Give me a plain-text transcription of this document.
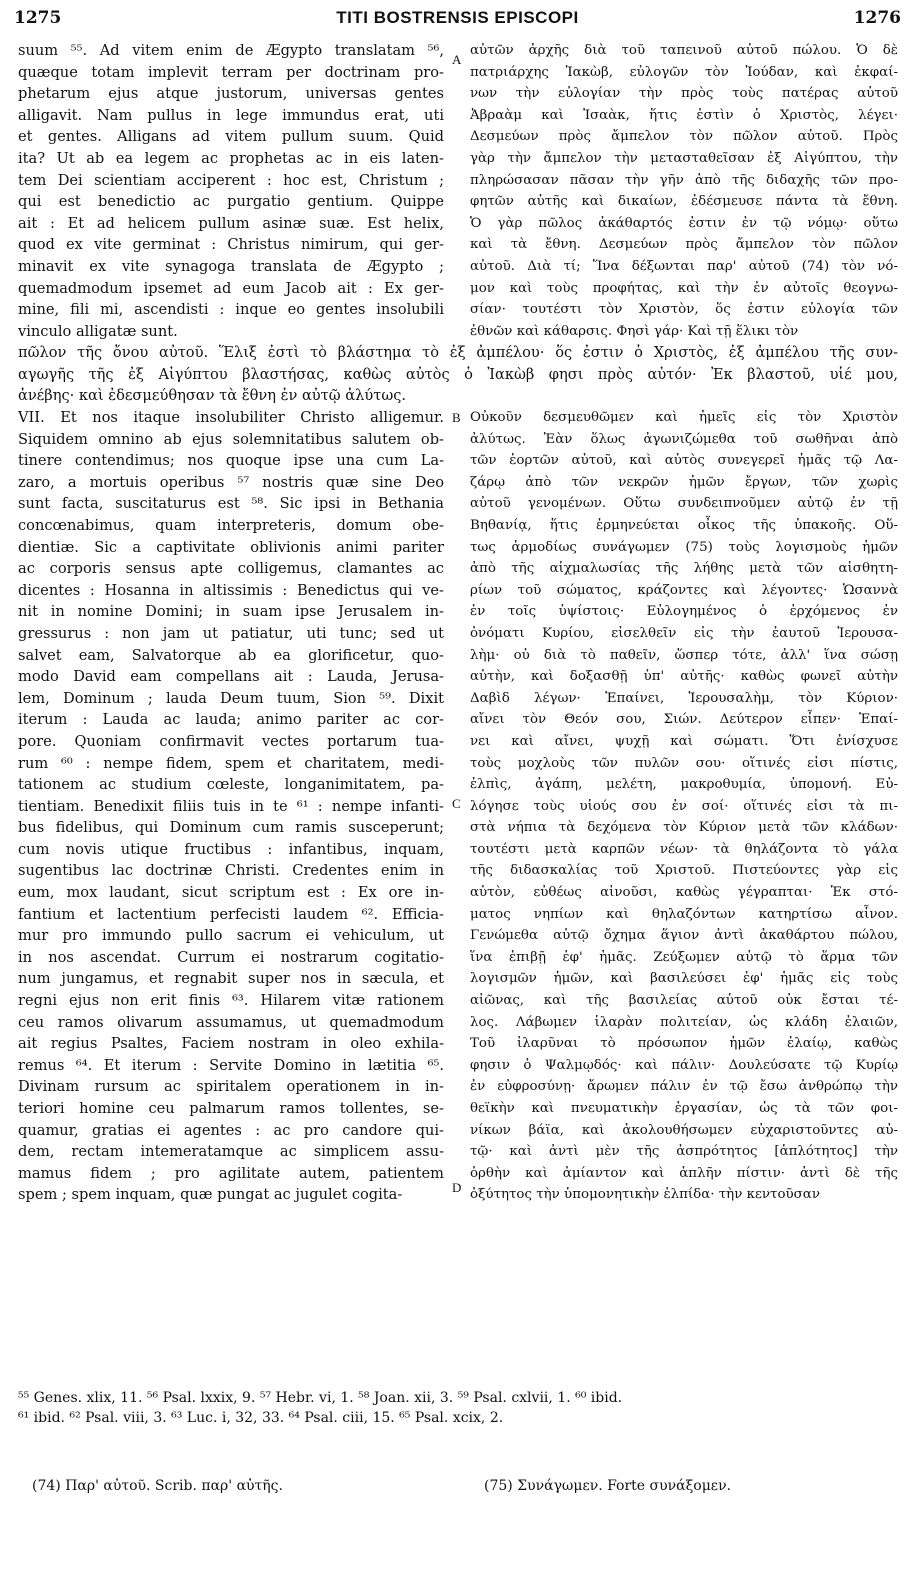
1275	TITI BOSTRENSIS EPISCOPI	1276
suum ⁵⁵. Ad vitem enim de Ægypto translatam ⁵⁶,
quæque totam implevit terram per doctrinam pro-
phetarum ejus atque justorum, universas gentes
alligavit. Nam pullus in lege immundus erat, uti
et gentes. Alligans ad vitem pullum suum. Quid
ita? Ut ab ea legem ac prophetas ac in eis laten-
tem Dei scientiam acciperent : hoc est, Christum ;
qui est benedictio ac purgatio gentium. Quippe
ait : Et ad helicem pullum asinæ suæ. Est helix,
quod ex vite germinat : Christus nimirum, qui ger-
minavit ex vite synagoga translata de Ægypto ;
quemadmodum ipsemet ad eum Jacob ait : Ex ger-
mine, fili mi, ascendisti : inque eo gentes insolubili
vinculo alligatæ sunt.
αὐτῶν ἀρχῆς διὰ τοῦ ταπεινοῦ αὐτοῦ πώλου. Ὁ δὲ
πατριάρχης Ἰακὼβ, εὐλογῶν τὸν Ἰούδαν, καὶ ἐκφαί-
νων τὴν εὐλογίαν τὴν πρὸς τοὺς πατέρας αὐτοῦ
Ἀβραὰμ καὶ Ἰσαὰκ, ἥτις ἐστὶν ὁ Χριστὸς, λέγει·
Δεσμεύων πρὸς ἄμπελον τὸν πῶλον αὐτοῦ. Πρὸς
γὰρ τὴν ἄμπελον τὴν μετασταθεῖσαν ἐξ Αἰγύπτου, τὴν
πληρώσασαν πᾶσαν τὴν γῆν ἀπὸ τῆς διδαχῆς τῶν προ-
φητῶν αὐτῆς καὶ δικαίων, ἐδέσμευσε πάντα τὰ ἔθνη.
Ὁ γὰρ πῶλος ἀκάθαρτός ἐστιν ἐν τῷ νόμῳ· οὕτω
καὶ τὰ ἔθνη. Δεσμεύων πρὸς ἄμπελον τὸν πῶλον
αὐτοῦ. Διὰ τί; Ἵνα δέξωνται παρ' αὐτοῦ (74) τὸν νό-
μον καὶ τοὺς προφήτας, καὶ τὴν ἐν αὐτοῖς θεογνω-
σίαν· τουτέστι τὸν Χριστὸν, ὅς ἐστιν εὐλογία τῶν
ἐθνῶν καὶ κάθαρσις. Φησὶ γάρ· Καὶ τῇ ἕλικι τὸν
πῶλον τῆς ὄνου αὐτοῦ. Ἕλιξ ἐστὶ τὸ βλάστημα τὸ ἐξ ἀμπέλου· ὅς ἐστιν ὁ Χριστὸς, ἐξ ἀμπέλου τῆς συν-
αγωγῆς τῆς ἐξ Αἰγύπτου βλαστήσας, καθὼς αὐτὸς ὁ Ἰακὼβ φησι πρὸς αὐτόν· Ἐκ βλαστοῦ, υἱέ μου,
ἀνέβης· καὶ ἐδεσμεύθησαν τὰ ἔθνη ἐν αὐτῷ ἀλύτως.
VII. Et nos itaque insolubiliter Christo alligemur.
Siquidem omnino ab ejus solemnitatibus salutem ob-
tinere contendimus; nos quoque ipse una cum La-
zaro, a mortuis operibus ⁵⁷ nostris quæ sine Deo
sunt facta, suscitaturus est ⁵⁸. Sic ipsi in Bethania
concœnabimus, quam interpreteris, domum obe-
dientiæ. Sic a captivitate oblivionis animi pariter
ac corporis sensus apte colligemus, clamantes ac
dicentes : Hosanna in altissimis : Benedictus qui ve-
nit in nomine Domini; in suam ipse Jerusalem in-
gressurus : non jam ut patiatur, uti tunc; sed ut
salvet eam, Salvatorque ab ea glorificetur, quo-
modo David eam compellans ait : Lauda, Jerusa-
lem, Dominum ; lauda Deum tuum, Sion ⁵⁹. Dixit
iterum : Lauda ac lauda; animo pariter ac cor-
pore. Quoniam confirmavit vectes portarum tua-
rum ⁶⁰ : nempe fidem, spem et charitatem, medi-
tationem ac studium cœleste, longanimitatem, pa-
tientiam. Benedixit filiis tuis in te ⁶¹ : nempe infanti-
bus fidelibus, qui Dominum cum ramis susceperunt;
cum novis utique fructibus : infantibus, inquam,
sugentibus lac doctrinæ Christi. Credentes enim in
eum, mox laudant, sicut scriptum est : Ex ore in-
fantium et lactentium perfecisti laudem ⁶². Efficia-
mur pro immundo pullo sacrum ei vehiculum, ut
in nos ascendat. Currum ei nostrarum cogitatio-
num jungamus, et regnabit super nos in sæcula, et
regni ejus non erit finis ⁶³. Hilarem vitæ rationem
ceu ramos olivarum assumamus, ut quemadmodum
ait regius Psaltes, Faciem nostram in oleo exhila-
remus ⁶⁴. Et iterum : Servite Domino in lætitia ⁶⁵.
Divinam rursum ac spiritalem operationem in in-
teriori homine ceu palmarum ramos tollentes, se-
quamur, gratias ei agentes : ac pro candore qui-
dem, rectam intemeratamque ac simplicem assu-
mamus fidem ; pro agilitate autem, patientem
spem ; spem inquam, quæ pungat ac jugulet cogita-
Οὐκοῦν δεσμευθῶμεν καὶ ἡμεῖς εἰς τὸν Χριστὸν
ἀλύτως. Ἐὰν ὅλως ἀγωνιζώμεθα τοῦ σωθῆναι ἀπὸ
τῶν ἑορτῶν αὐτοῦ, καὶ αὐτὸς συνεγερεῖ ἡμᾶς τῷ Λα-
ζάρῳ ἀπὸ τῶν νεκρῶν ἡμῶν ἔργων, τῶν χωρὶς
αὐτοῦ γενομένων. Οὕτω συνδειπνοῦμεν αὐτῷ ἐν τῇ
Βηθανίᾳ, ἥτις ἑρμηνεύεται οἶκος τῆς ὑπακοῆς. Οὕ-
τως ἁρμοδίως συνάγωμεν (75) τοὺς λογισμοὺς ἡμῶν
ἀπὸ τῆς αἰχμαλωσίας τῆς λήθης μετὰ τῶν αἰσθητη-
ρίων τοῦ σώματος, κράζοντες καὶ λέγοντες· Ὡσαννὰ
ἐν τοῖς ὑψίστοις· Εὐλογημένος ὁ ἐρχόμενος ἐν
ὀνόματι Κυρίου, εἰσελθεῖν εἰς τὴν ἑαυτοῦ Ἱερουσα-
λὴμ· οὐ διὰ τὸ παθεῖν, ὥσπερ τότε, ἀλλ' ἵνα σώσῃ
αὐτὴν, καὶ δοξασθῇ ὑπ' αὐτῆς· καθὼς φωνεῖ αὐτὴν
Δαβὶδ λέγων· Ἐπαίνει, Ἱερουσαλὴμ, τὸν Κύριον·
αἴνει τὸν Θεόν σου, Σιών. Δεύτερον εἶπεν· Ἐπαί-
νει καὶ αἴνει, ψυχῇ καὶ σώματι. Ὅτι ἐνίσχυσε
τοὺς μοχλοὺς τῶν πυλῶν σου· οἵτινές εἰσι πίστις,
ἐλπὶς, ἀγάπη, μελέτη, μακροθυμία, ὑπομονή. Εὐ-
λόγησε τοὺς υἱούς σου ἐν σοί· οἵτινές εἰσι τὰ πι-
στὰ νήπια τὰ δεχόμενα τὸν Κύριον μετὰ τῶν κλάδων·
τουτέστι μετὰ καρπῶν νέων· τὰ θηλάζοντα τὸ γάλα
τῆς διδασκαλίας τοῦ Χριστοῦ. Πιστεύοντες γὰρ εἰς
αὐτὸν, εὐθέως αἰνοῦσι, καθὼς γέγραπται· Ἐκ στό-
ματος νηπίων καὶ θηλαζόντων κατηρτίσω αἶνον.
Γενώμεθα αὐτῷ ὄχημα ἅγιον ἀντὶ ἀκαθάρτου πώλου,
ἵνα ἐπιβῇ ἐφ' ἡμᾶς. Ζεύξωμεν αὐτῷ τὸ ἅρμα τῶν
λογισμῶν ἡμῶν, καὶ βασιλεύσει ἐφ' ἡμᾶς εἰς τοὺς
αἰῶνας, καὶ τῆς βασιλείας αὐτοῦ οὐκ ἔσται τέ-
λος. Λάβωμεν ἱλαρὰν πολιτείαν, ὡς κλάδη ἐλαιῶν,
Τοῦ ἱλαρῦναι τὸ πρόσωπον ἡμῶν ἐλαίῳ, καθὼς
φησιν ὁ Ψαλμῳδός· καὶ πάλιν· Δουλεύσατε τῷ Κυρίῳ
ἐν εὐφροσύνῃ· ἄρωμεν πάλιν ἐν τῷ ἔσω ἀνθρώπῳ τὴν
θεϊκὴν καὶ πνευματικὴν ἐργασίαν, ὡς τὰ τῶν φοι-
νίκων βάϊα, καὶ ἀκολουθήσωμεν εὐχαριστοῦντες αὐ-
τῷ· καὶ ἀντὶ μὲν τῆς ἀσπρότητος [ἁπλότητος] τὴν
ὀρθὴν καὶ ἀμίαντον καὶ ἁπλῆν πίστιν· ἀντὶ δὲ τῆς
ὀξύτητος τὴν ὑπομονητικὴν ἐλπίδα· τὴν κεντοῦσαν
A
B
C
D
⁵⁵ Genes. xlix, 11. ⁵⁶ Psal. lxxix, 9. ⁵⁷ Hebr. vi, 1. ⁵⁸ Joan. xii, 3. ⁵⁹ Psal. cxlvii, 1. ⁶⁰ ibid.
⁶¹ ibid. ⁶² Psal. viii, 3. ⁶³ Luc. i, 32, 33. ⁶⁴ Psal. ciii, 15. ⁶⁵ Psal. xcix, 2.
(74) Παρ' αὐτοῦ. Scrib. παρ' αὐτῆς.	(75) Συνάγωμεν. Forte συνάξομεν.
